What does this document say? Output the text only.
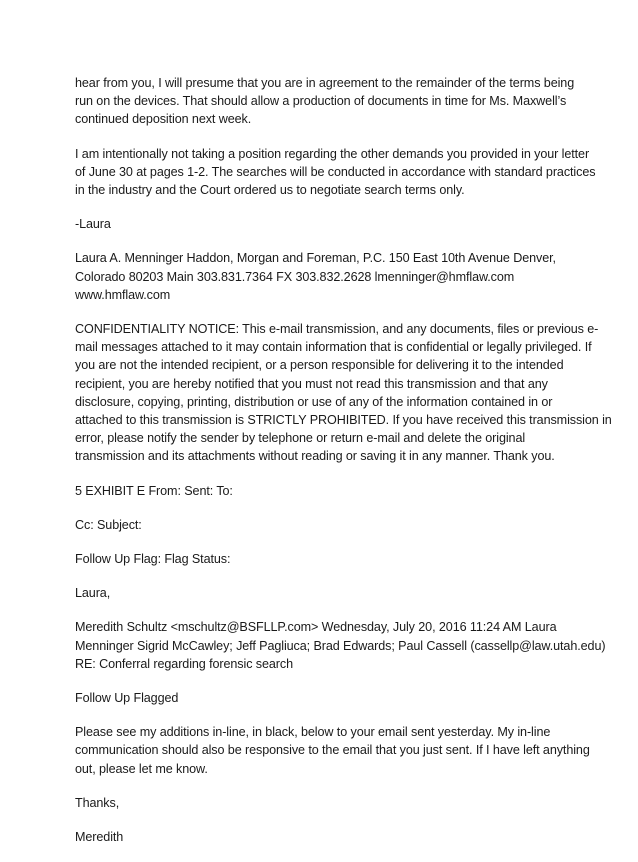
hear from you, I will presume that you are in agreement to the remainder of the terms being
run on the devices. That should allow a production of documents in time for Ms. Maxwell’s
continued deposition next week.
I am intentionally not taking a position regarding the other demands you provided in your letter
of June 30 at pages 1-2. The searches will be conducted in accordance with standard practices
in the industry and the Court ordered us to negotiate search terms only.
-Laura
Laura A. Menninger Haddon, Morgan and Foreman, P.C. 150 East 10th Avenue Denver,
Colorado 80203 Main 303.831.7364 FX 303.832.2628 lmenninger@hmflaw.com
www.hmflaw.com
CONFIDENTIALITY NOTICE: This e-mail transmission, and any documents, files or previous e-
mail messages attached to it may contain information that is confidential or legally privileged. If
you are not the intended recipient, or a person responsible for delivering it to the intended
recipient, you are hereby notified that you must not read this transmission and that any
disclosure, copying, printing, distribution or use of any of the information contained in or
attached to this transmission is STRICTLY PROHIBITED. If you have received this transmission in
error, please notify the sender by telephone or return e-mail and delete the original
transmission and its attachments without reading or saving it in any manner. Thank you.
5 EXHIBIT E From: Sent: To:
Cc: Subject:
Follow Up Flag: Flag Status:
Laura,
Meredith Schultz <mschultz@BSFLLP.com> Wednesday, July 20, 2016 11:24 AM Laura
Menninger Sigrid McCawley; Jeff Pagliuca; Brad Edwards; Paul Cassell (cassellp@law.utah.edu)
RE: Conferral regarding forensic search
Follow Up Flagged
Please see my additions in-line, in black, below to your email sent yesterday. My in-line
communication should also be responsive to the email that you just sent. If I have left anything
out, please let me know.
Thanks,
Meredith
